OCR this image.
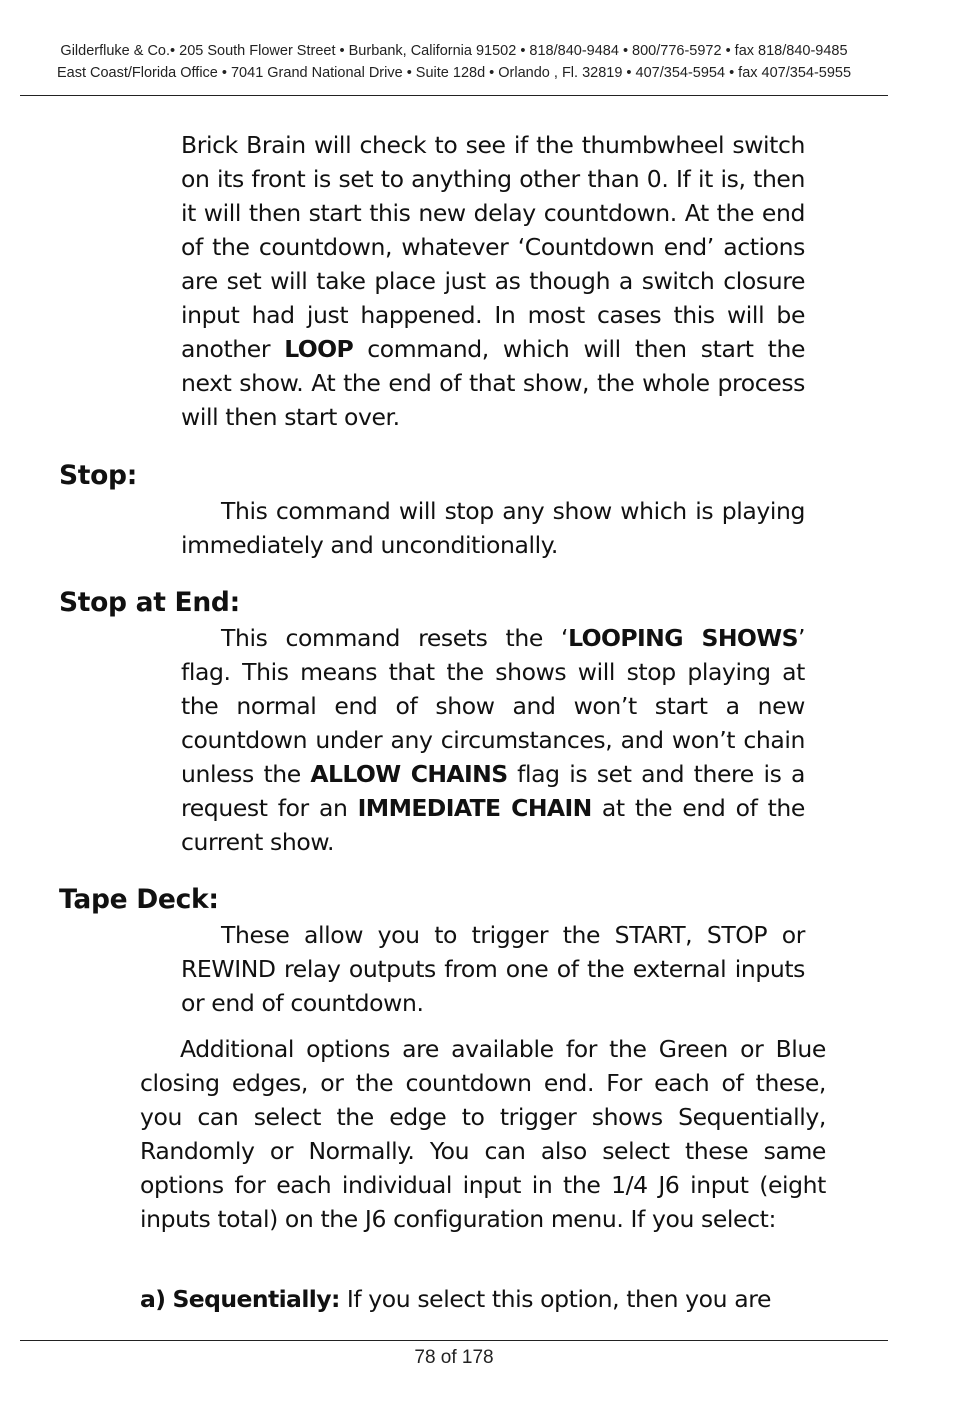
Gilderfluke & Co.• 205 South Flower Street • Burbank, California 91502 • 818/840-9484 • 800/776-5972 • fax 818/840-9485
East Coast/Florida Office • 7041 Grand National Drive • Suite 128d • Orlando , Fl. 32819 • 407/354-5954 • fax 407/354-5955

Brick Brain will check to see if the thumbwheel switch on its front is set to anything other than 0. If it is, then it will then start this new delay countdown. At the end of the countdown, whatever ‘Countdown end’ actions are set will take place just as though a switch closure input had just happened. In most cases this will be another LOOP command, which will then start the next show. At the end of that show, the whole process will then start over.

Stop:

This command will stop any show which is playing immediately and unconditionally.

Stop at End:

This command resets the ‘LOOPING SHOWS’ flag. This means that the shows will stop playing at the normal end of show and won’t start a new countdown under any circumstances, and won’t chain unless the ALLOW CHAINS flag is set and there is a request for an IMMEDIATE CHAIN at the end of the current show.

Tape Deck:

These allow you to trigger the START, STOP or REWIND relay outputs from one of the external inputs or end of countdown.

Additional options are available for the Green or Blue closing edges, or the countdown end. For each of these, you can select the edge to trigger shows Sequentially, Randomly or Normally. You can also select these same options for each individual input in the 1/4 J6 input (eight inputs total) on the J6 configuration menu. If you select:

a) Sequentially: If you select this option, then you are

78 of 178
